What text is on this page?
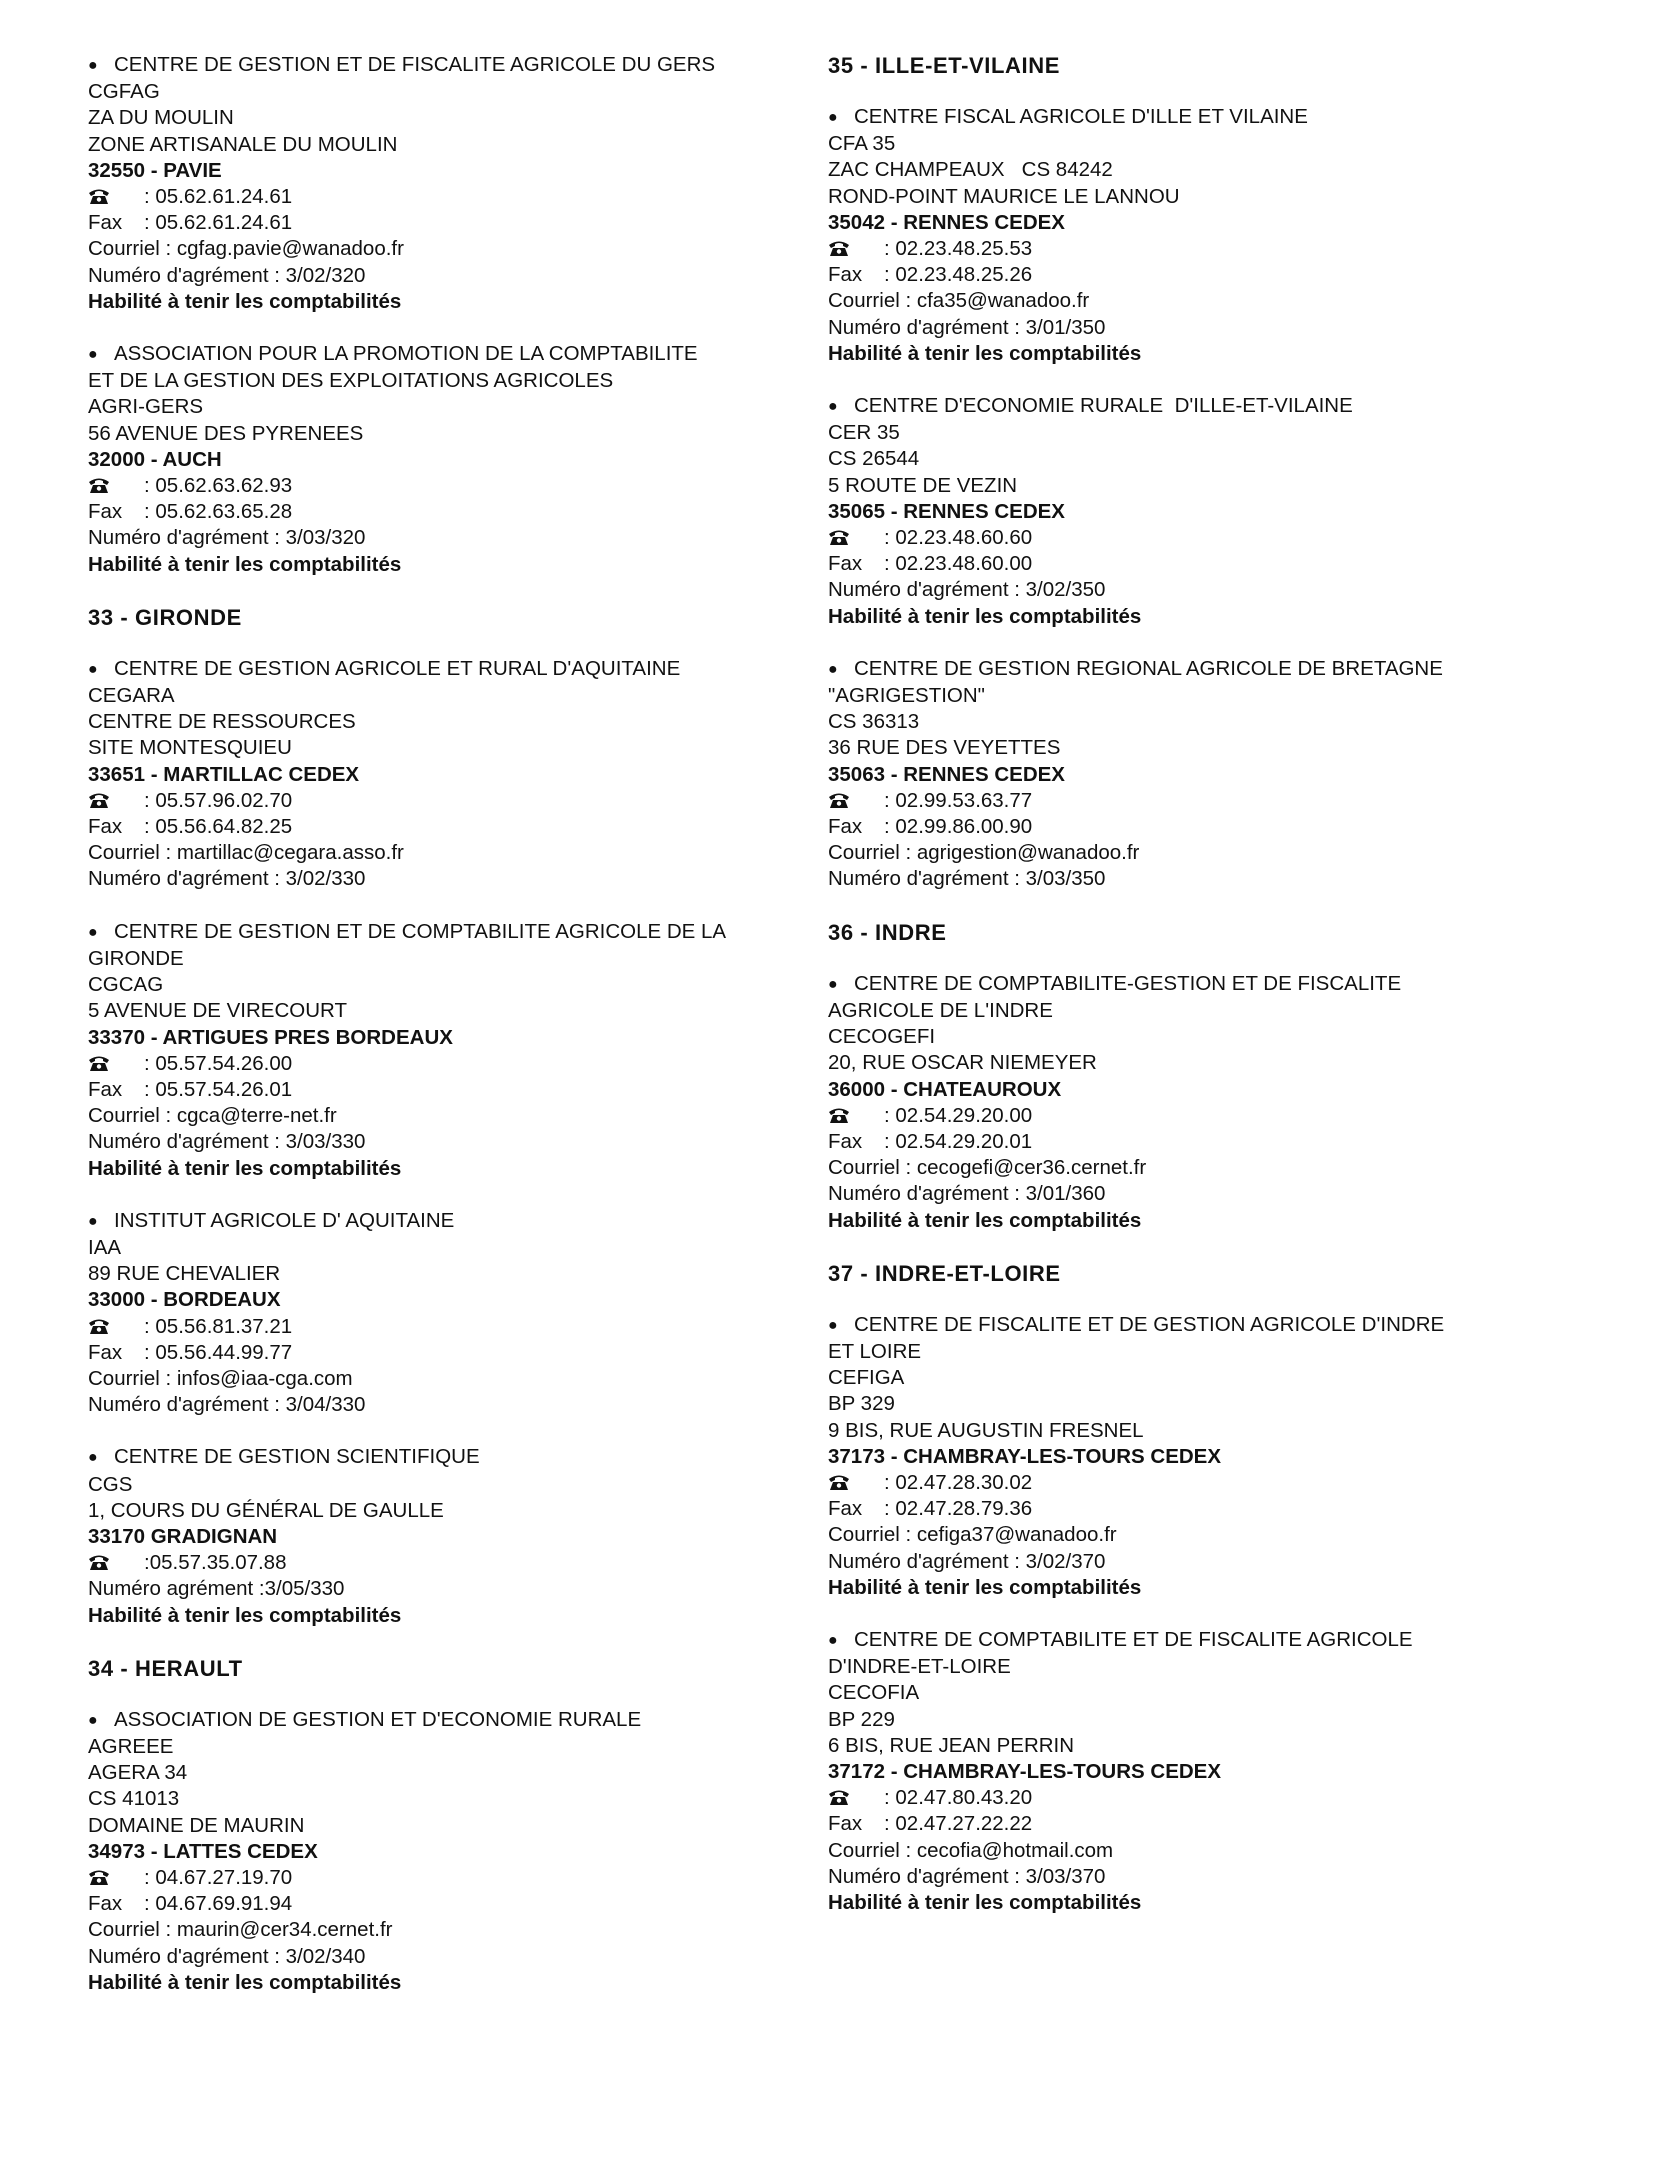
● CENTRE DE GESTION ET DE FISCALITE AGRICOLE DU GERS
CGFAG
ZA DU MOULIN
ZONE ARTISANALE DU MOULIN
32550 - PAVIE
: 05.62.61.24.61
Fax : 05.62.61.24.61
Courriel : cgfag.pavie@wanadoo.fr
Numéro d'agrément : 3/02/320
Habilité à tenir les comptabilités
● ASSOCIATION POUR LA PROMOTION DE LA COMPTABILITE
ET DE LA GESTION DES EXPLOITATIONS AGRICOLES
AGRI-GERS
56 AVENUE DES PYRENEES
32000 - AUCH
: 05.62.63.62.93
Fax : 05.62.63.65.28
Numéro d'agrément : 3/03/320
Habilité à tenir les comptabilités
33 - GIRONDE
● CENTRE DE GESTION AGRICOLE ET RURAL D'AQUITAINE
CEGARA
CENTRE DE RESSOURCES
SITE MONTESQUIEU
33651 - MARTILLAC CEDEX
: 05.57.96.02.70
Fax : 05.56.64.82.25
Courriel : martillac@cegara.asso.fr
Numéro d'agrément : 3/02/330
● CENTRE DE GESTION ET DE COMPTABILITE AGRICOLE DE LA
GIRONDE
CGCAG
5 AVENUE DE VIRECOURT
33370 - ARTIGUES PRES BORDEAUX
: 05.57.54.26.00
Fax : 05.57.54.26.01
Courriel : cgca@terre-net.fr
Numéro d'agrément : 3/03/330
Habilité à tenir les comptabilités
● INSTITUT AGRICOLE D' AQUITAINE
IAA
89 RUE CHEVALIER
33000 - BORDEAUX
: 05.56.81.37.21
Fax : 05.56.44.99.77
Courriel : infos@iaa-cga.com
Numéro d'agrément : 3/04/330
● CENTRE DE GESTION SCIENTIFIQUE
CGS
1, COURS DU GÉNÉRAL DE GAULLE
33170 GRADIGNAN
:05.57.35.07.88
Numéro agrément :3/05/330
Habilité à tenir les comptabilités
34 - HERAULT
● ASSOCIATION DE GESTION ET D'ECONOMIE RURALE
AGREEE
AGERA 34
CS 41013
DOMAINE DE MAURIN
34973 - LATTES CEDEX
: 04.67.27.19.70
Fax : 04.67.69.91.94
Courriel : maurin@cer34.cernet.fr
Numéro d'agrément : 3/02/340
Habilité à tenir les comptabilités
35 - ILLE-ET-VILAINE
● CENTRE FISCAL AGRICOLE D'ILLE ET VILAINE
CFA 35
ZAC CHAMPEAUX   CS 84242
ROND-POINT MAURICE LE LANNOU
35042 - RENNES CEDEX
: 02.23.48.25.53
Fax : 02.23.48.25.26
Courriel : cfa35@wanadoo.fr
Numéro d'agrément : 3/01/350
Habilité à tenir les comptabilités
● CENTRE D'ECONOMIE RURALE  D'ILLE-ET-VILAINE
CER 35
CS 26544
5 ROUTE DE VEZIN
35065 - RENNES CEDEX
: 02.23.48.60.60
Fax : 02.23.48.60.00
Numéro d'agrément : 3/02/350
Habilité à tenir les comptabilités
● CENTRE DE GESTION REGIONAL AGRICOLE DE BRETAGNE
"AGRIGESTION"
CS 36313
36 RUE DES VEYETTES
35063 - RENNES CEDEX
: 02.99.53.63.77
Fax : 02.99.86.00.90
Courriel : agrigestion@wanadoo.fr
Numéro d'agrément : 3/03/350
36 - INDRE
● CENTRE DE COMPTABILITE-GESTION ET DE FISCALITE
AGRICOLE DE L'INDRE
CECOGEFI
20, RUE OSCAR NIEMEYER
36000 - CHATEAUROUX
: 02.54.29.20.00
Fax : 02.54.29.20.01
Courriel : cecogefi@cer36.cernet.fr
Numéro d'agrément : 3/01/360
Habilité à tenir les comptabilités
37 - INDRE-ET-LOIRE
● CENTRE DE FISCALITE ET DE GESTION AGRICOLE D'INDRE
ET LOIRE
CEFIGA
BP 329
9 BIS, RUE AUGUSTIN FRESNEL
37173 - CHAMBRAY-LES-TOURS CEDEX
: 02.47.28.30.02
Fax : 02.47.28.79.36
Courriel : cefiga37@wanadoo.fr
Numéro d'agrément : 3/02/370
Habilité à tenir les comptabilités
● CENTRE DE COMPTABILITE ET DE FISCALITE AGRICOLE
D'INDRE-ET-LOIRE
CECOFIA
BP 229
6 BIS, RUE JEAN PERRIN
37172 - CHAMBRAY-LES-TOURS CEDEX
: 02.47.80.43.20
Fax : 02.47.27.22.22
Courriel : cecofia@hotmail.com
Numéro d'agrément : 3/03/370
Habilité à tenir les comptabilités
